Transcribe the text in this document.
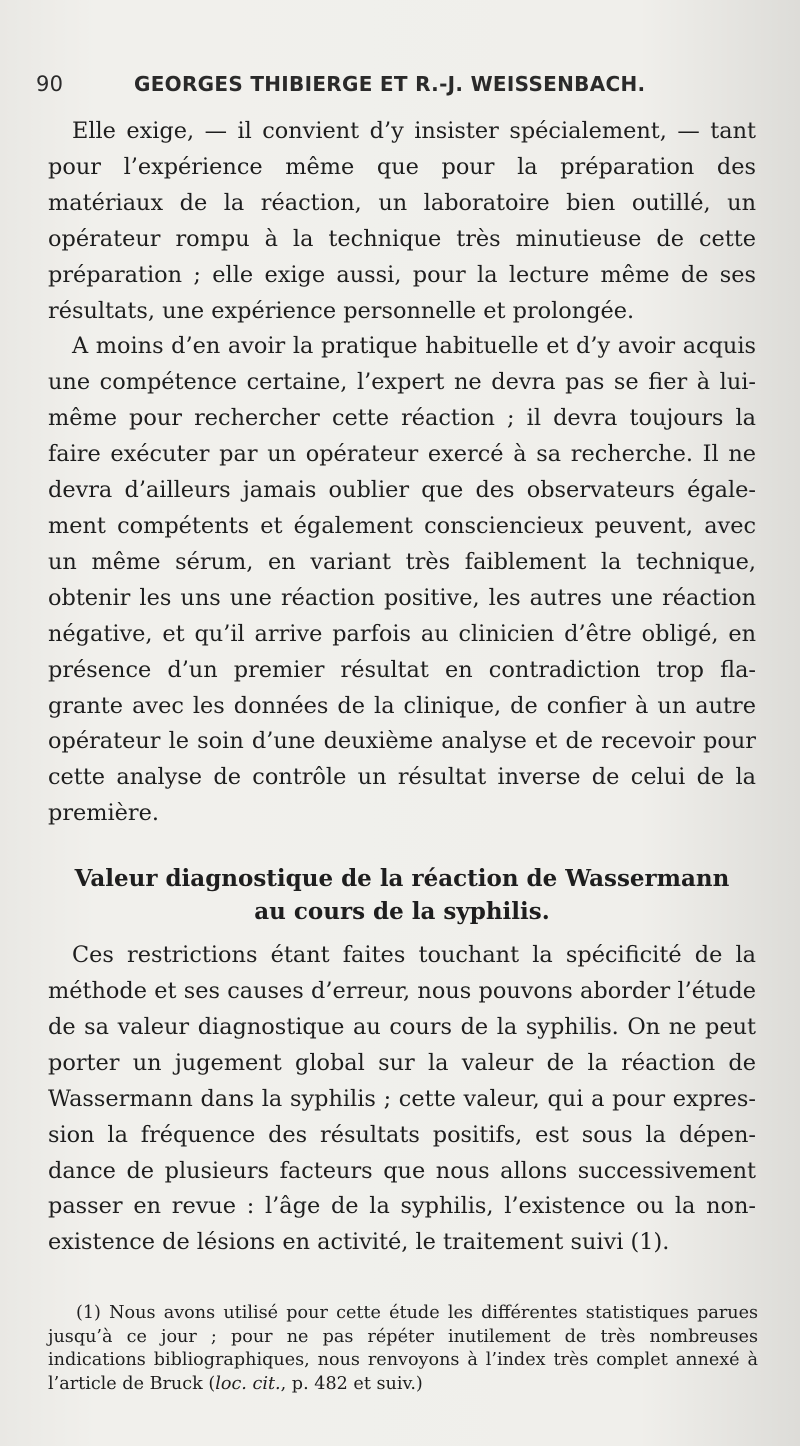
90	GEORGES THIBIERGE ET R.-J. WEISSENBACH.

Elle exige, — il convient d’y insister spécialement, — tant pour l’expérience même que pour la préparation des matériaux de la réaction, un laboratoire bien outillé, un opérateur rompu à la technique très minutieuse de cette préparation ; elle exige aussi, pour la lecture même de ses résultats, une expérience personnelle et prolongée.

A moins d’en avoir la pratique habituelle et d’y avoir acquis une compétence certaine, l’expert ne devra pas se fier à lui-même pour rechercher cette réaction ; il devra toujours la faire exécuter par un opérateur exercé à sa recherche. Il ne devra d’ailleurs jamais oublier que des observateurs également compétents et également consciencieux peuvent, avec un même sérum, en variant très faiblement la technique, obtenir les uns une réaction positive, les autres une réaction négative, et qu’il arrive parfois au clinicien d’être obligé, en présence d’un premier résultat en contradiction trop flagrante avec les données de la clinique, de confier à un autre opérateur le soin d’une deuxième analyse et de recevoir pour cette analyse de contrôle un résultat inverse de celui de la première.

Valeur diagnostique de la réaction de Wassermann
au cours de la syphilis.

Ces restrictions étant faites touchant la spécificité de la méthode et ses causes d’erreur, nous pouvons aborder l’étude de sa valeur diagnostique au cours de la syphilis. On ne peut porter un jugement global sur la valeur de la réaction de Wassermann dans la syphilis ; cette valeur, qui a pour expression la fréquence des résultats positifs, est sous la dépendance de plusieurs facteurs que nous allons successivement passer en revue : l’âge de la syphilis, l’existence ou la non-existence de lésions en activité, le traitement suivi (1).

(1) Nous avons utilisé pour cette étude les différentes statistiques parues jusqu’à ce jour ; pour ne pas répéter inutilement de très nombreuses indications bibliographiques, nous renvoyons à l’index très complet annexé à l’article de Bruck (loc. cit., p. 482 et suiv.)
